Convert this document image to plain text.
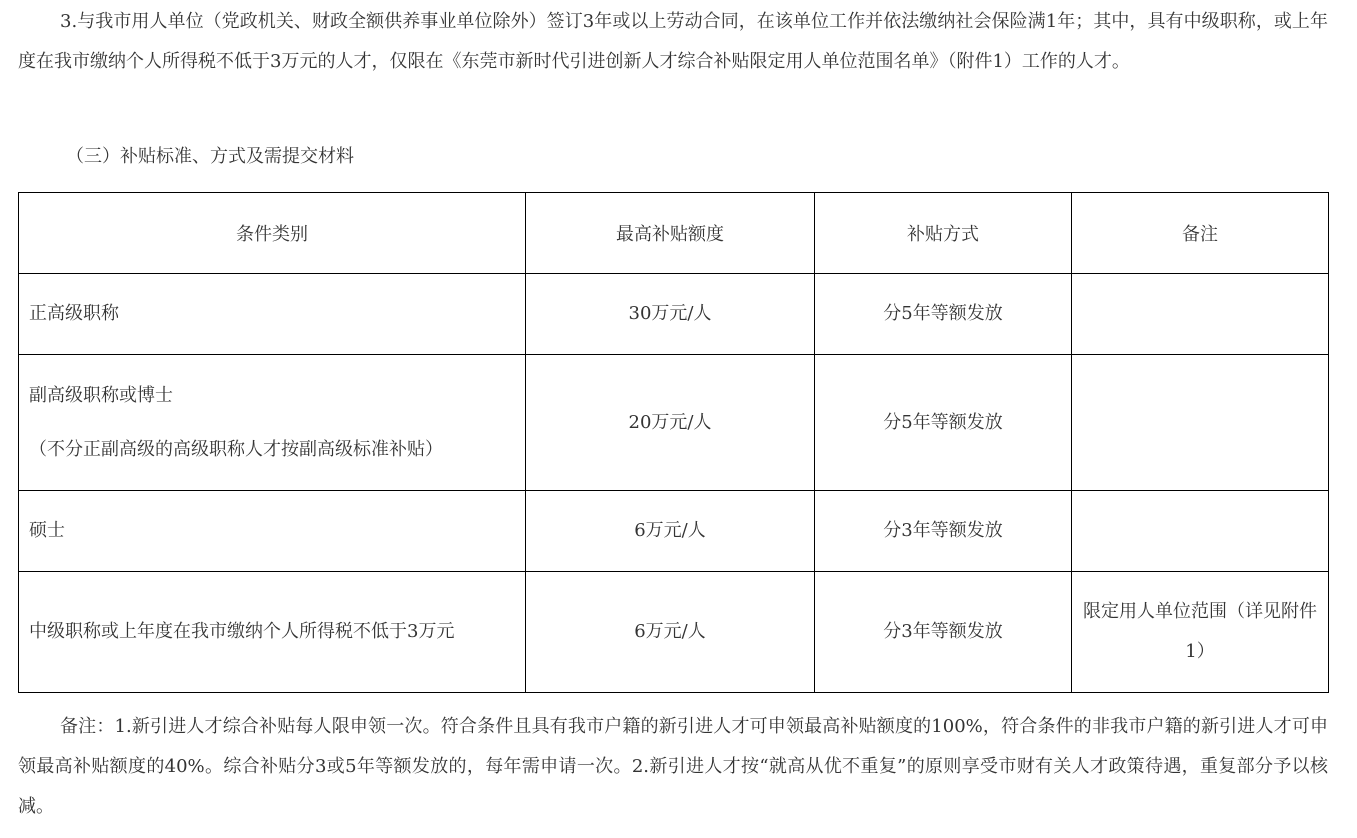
3.与我市用人单位（党政机关、财政全额供养事业单位除外）签订3年或以上劳动合同，在该单位工作并依法缴纳社会保险满1年；其中，具有中级职称，或上年度在我市缴纳个人所得税不低于3万元的人才，仅限在《东莞市新时代引进创新人才综合补贴限定用人单位范围名单》（附件1）工作的人才。

（三）补贴标准、方式及需提交材料

条件类别	最高补贴额度	补贴方式	备注
正高级职称	30万元/人	分5年等额发放	

副高级职称或博士
（不分正副高级的高级职称人才按副高级标准补贴）	20万元/人	分5年等额发放	
硕士	6万元/人	分3年等额发放	
中级职称或上年度在我市缴纳个人所得税不低于3万元	6万元/人	分3年等额发放	限定用人单位范围（详见附件1）

备注：1.新引进人才综合补贴每人限申领一次。符合条件且具有我市户籍的新引进人才可申领最高补贴额度的100%，符合条件的非我市户籍的新引进人才可申领最高补贴额度的40%。综合补贴分3或5年等额发放的，每年需申请一次。2.新引进人才按“就高从优不重复”的原则享受市财有关人才政策待遇，重复部分予以核减。
